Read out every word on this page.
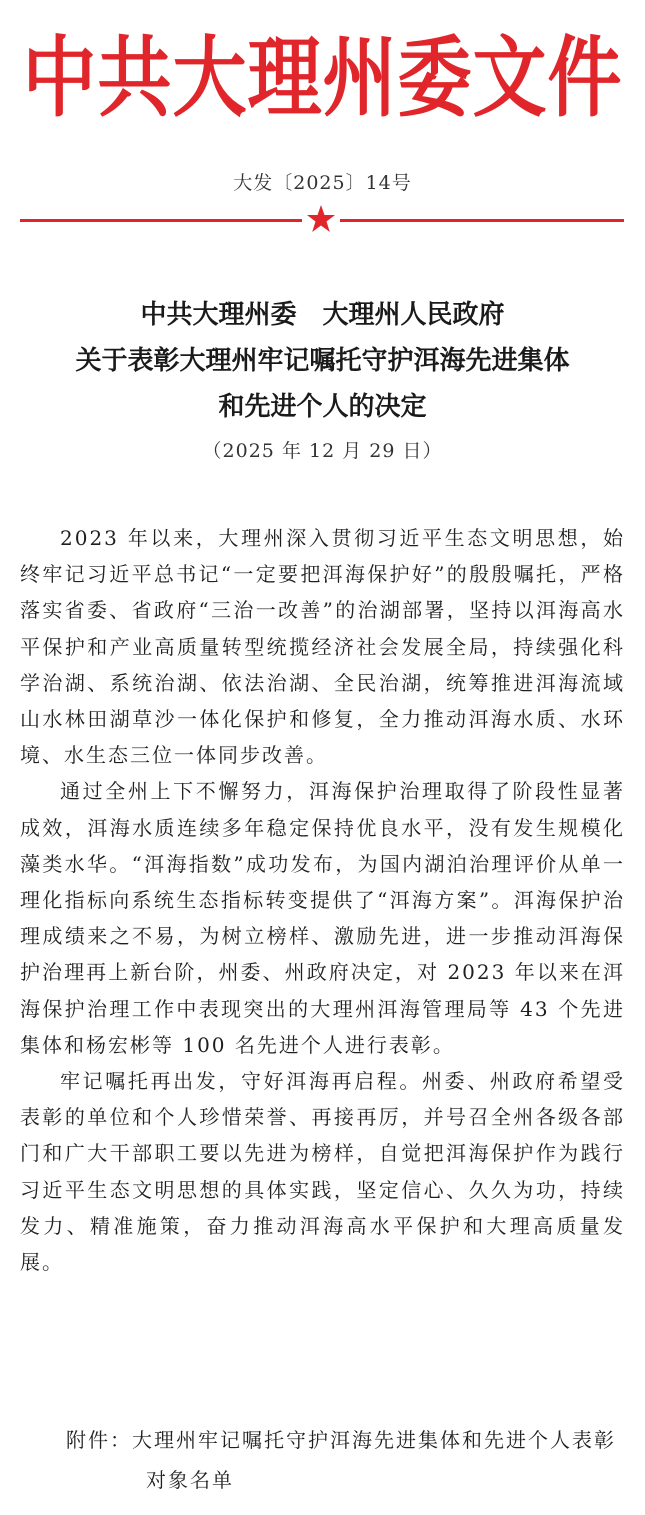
中共大理州委文件
大发〔2025〕14号
中共大理州委　大理州人民政府
关于表彰大理州牢记嘱托守护洱海先进集体
和先进个人的决定
（2025 年 12 月 29 日）

2023 年以来，大理州深入贯彻习近平生态文明思想，始终牢记习近平总书记“一定要把洱海保护好”的殷殷嘱托，严格落实省委、省政府“三治一改善”的治湖部署，坚持以洱海高水平保护和产业高质量转型统揽经济社会发展全局，持续强化科学治湖、系统治湖、依法治湖、全民治湖，统筹推进洱海流域山水林田湖草沙一体化保护和修复，全力推动洱海水质、水环境、水生态三位一体同步改善。

通过全州上下不懈努力，洱海保护治理取得了阶段性显著成效，洱海水质连续多年稳定保持优良水平，没有发生规模化藻类水华。“洱海指数”成功发布，为国内湖泊治理评价从单一理化指标向系统生态指标转变提供了“洱海方案”。洱海保护治理成绩来之不易，为树立榜样、激励先进，进一步推动洱海保护治理再上新台阶，州委、州政府决定，对 2023 年以来在洱海保护治理工作中表现突出的大理州洱海管理局等 43 个先进集体和杨宏彬等 100 名先进个人进行表彰。

牢记嘱托再出发，守好洱海再启程。州委、州政府希望受表彰的单位和个人珍惜荣誉、再接再厉，并号召全州各级各部门和广大干部职工要以先进为榜样，自觉把洱海保护作为践行习近平生态文明思想的具体实践，坚定信心、久久为功，持续发力、精准施策，奋力推动洱海高水平保护和大理高质量发展。

附件：大理州牢记嘱托守护洱海先进集体和先进个人表彰对象名单
